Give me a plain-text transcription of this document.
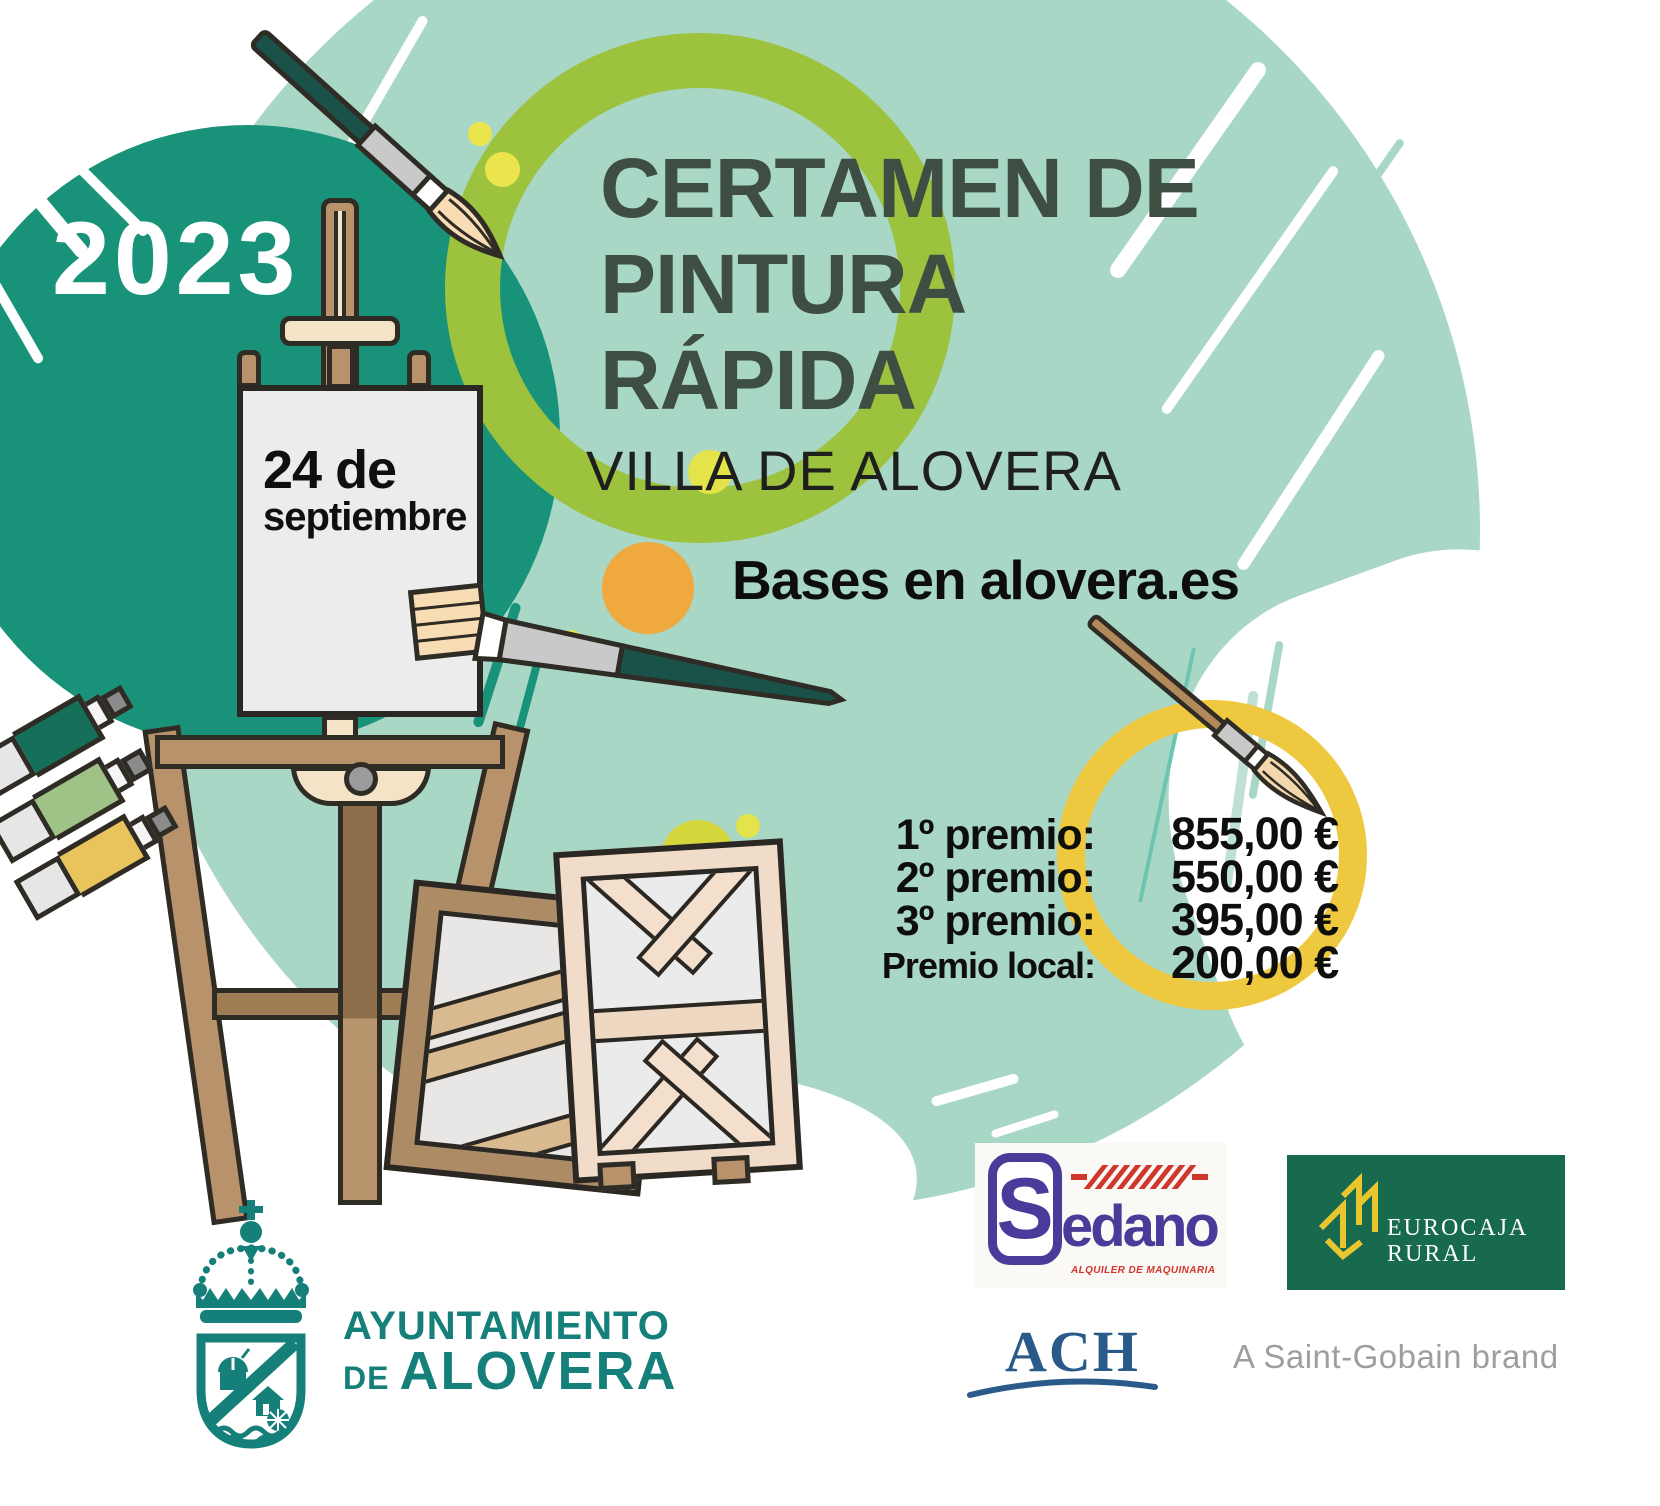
24 de
septiembre
2023
CERTAMEN DE
PINTURA
RÁPIDA
VILLA DE ALOVERA
Bases en alovera.es
1º premio: 855,00 €
2º premio: 550,00 €
3º premio: 395,00 €
Premio local: 200,00 €
AYUNTAMIENTO
DE ALOVERA
S edano
ALQUILER DE MAQUINARIA
EUROCAJA
RURAL
ACH	A Saint-Gobain brand
